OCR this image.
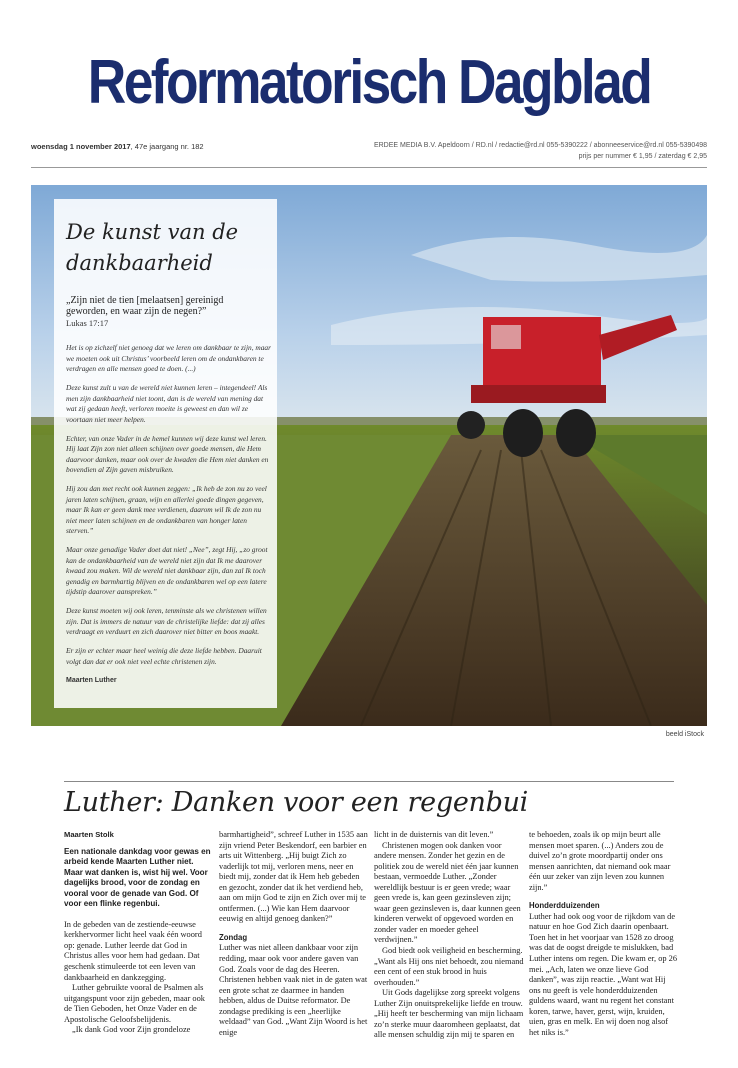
Reformatorisch Dagblad
woensdag 1 november 2017, 47e jaargang nr. 182	ERDEE MEDIA B.V. Apeldoorn / RD.nl / redactie@rd.nl 055-5390222 / abonneeservice@rd.nl 055-5390498
prijs per nummer € 1,95 / zaterdag € 2,95
beeld iStock
De kunst van de dankbaarheid
„Zijn niet de tien [melaatsen] gereinigd geworden, en waar zijn de negen?”
Lukas 17:17

Het is op zichzelf niet genoeg dat we leren om dankbaar te zijn, maar we moeten ook uit Christus’ voorbeeld leren om de ondankbaren te verdragen en alle mensen goed te doen. (...)

Deze kunst zult u van de wereld niet kunnen leren – integendeel! Als men zijn dankbaarheid niet toont, dan is de wereld van mening dat wat zij gedaan heeft, verloren moeite is geweest en dan wil ze voortaan niet meer helpen.

Echter, van onze Vader in de hemel kunnen wij deze kunst wel leren. Hij laat Zijn zon niet alleen schijnen over goede mensen, die Hem daarvoor danken, maar ook over de kwaden die Hem niet danken en bovendien al Zijn gaven misbruiken.

Hij zou dan met recht ook kunnen zeggen: „Ik heb de zon nu zo veel jaren laten schijnen, graan, wijn en allerlei goede dingen gegeven, maar Ik kan er geen dank mee verdienen, daarom wil Ik de zon nu niet meer laten schijnen en de ondankbaren van honger laten sterven.”

Maar onze genadige Vader doet dat niet! „Nee”, zegt Hij, „zo groot kan de ondankbaarheid van de wereld niet zijn dat Ik me daarover kwaad zou maken. Wil de wereld niet dankbaar zijn, dan zal Ik toch genadig en barmhartig blijven en de ondankbaren wel op een latere tijdstip daarover aanspreken.”

Deze kunst moeten wij ook leren, tenminste als we christenen willen zijn. Dat is immers de natuur van de christelijke liefde: dat zij alles verdraagt en verduurt en zich daarover niet bitter en boos maakt.

Er zijn er echter maar heel weinig die deze liefde hebben. Daaruit volgt dan dat er ook niet veel echte christenen zijn.

Maarten Luther

Luther: Danken voor een regenbui

Maarten Stolk

Een nationale dankdag voor gewas en arbeid kende Maarten Luther niet. Maar wat danken is, wist hij wel. Voor dagelijks brood, voor de zondag en vooral voor de genade van God. Of voor een flinke regenbui.

In de gebeden van de zestiende-eeuwse kerkhervormer licht heel vaak één woord op: genade. Luther leerde dat God in Christus alles voor hem had gedaan. Dat geschenk stimuleerde tot een leven van dankbaarheid en dankzegging.

Luther gebruikte vooral de Psalmen als uitgangspunt voor zijn gebeden, maar ook de Tien Geboden, het Onze Vader en de Apostolische Geloofsbelijdenis.

„Ik dank God voor Zijn grondeloze

barmhartigheid”, schreef Luther in 1535 aan zijn vriend Peter Beskendorf, een barbier en arts uit Wittenberg. „Hij buigt Zich zo vaderlijk tot mij, verloren mens, neer en biedt mij, zonder dat ik Hem heb gebeden en gezocht, zonder dat ik het verdiend heb, aan om mijn God te zijn en Zich over mij te ontfermen. (...) Wie kan Hem daarvoor eeuwig en altijd genoeg danken?”

Zondag

Luther was niet alleen dankbaar voor zijn redding, maar ook voor andere gaven van God. Zoals voor de dag des Heeren. Christenen hebben vaak niet in de gaten wat een grote schat ze daarmee in handen hebben, aldus de Duitse reformator. De zondagse prediking is een „heerlijke weldaad” van God. „Want Zijn Woord is het enige

licht in de duisternis van dit leven.”

Christenen mogen ook danken voor andere mensen. Zonder het gezin en de politiek zou de wereld niet één jaar kunnen bestaan, vermoedde Luther. „Zonder wereldlijk bestuur is er geen vrede; waar geen vrede is, kan geen gezinsleven zijn; waar geen gezinsleven is, daar kunnen geen kinderen verwekt of opgevoed worden en zonder vader en moeder geheel verdwijnen.”

God biedt ook veiligheid en bescherming. „Want als Hij ons niet behoedt, zou niemand een cent of een stuk brood in huis overhouden.”

Uit Gods dagelijkse zorg spreekt volgens Luther Zijn onuitsprekelijke liefde en trouw. „Hij heeft ter bescherming van mijn lichaam zo’n sterke muur daaromheen geplaatst, dat alle mensen schuldig zijn mij te sparen en

te behoeden, zoals ik op mijn beurt alle mensen moet sparen. (...) Anders zou de duivel zo’n grote moordpartij onder ons mensen aanrichten, dat niemand ook maar één uur zeker van zijn leven zou kunnen zijn.”

Honderdduizenden

Luther had ook oog voor de rijkdom van de natuur en hoe God Zich daarin openbaart. Toen het in het voorjaar van 1528 zo droog was dat de oogst dreigde te mislukken, bad Luther intens om regen. Die kwam er, op 26 mei. „Ach, laten we onze lieve God danken”, was zijn reactie. „Want wat Hij ons nu geeft is vele honderdduizenden guldens waard, want nu regent het constant koren, tarwe, haver, gerst, wijn, kruiden, uien, gras en melk. En wij doen nog alsof het niks is.”
